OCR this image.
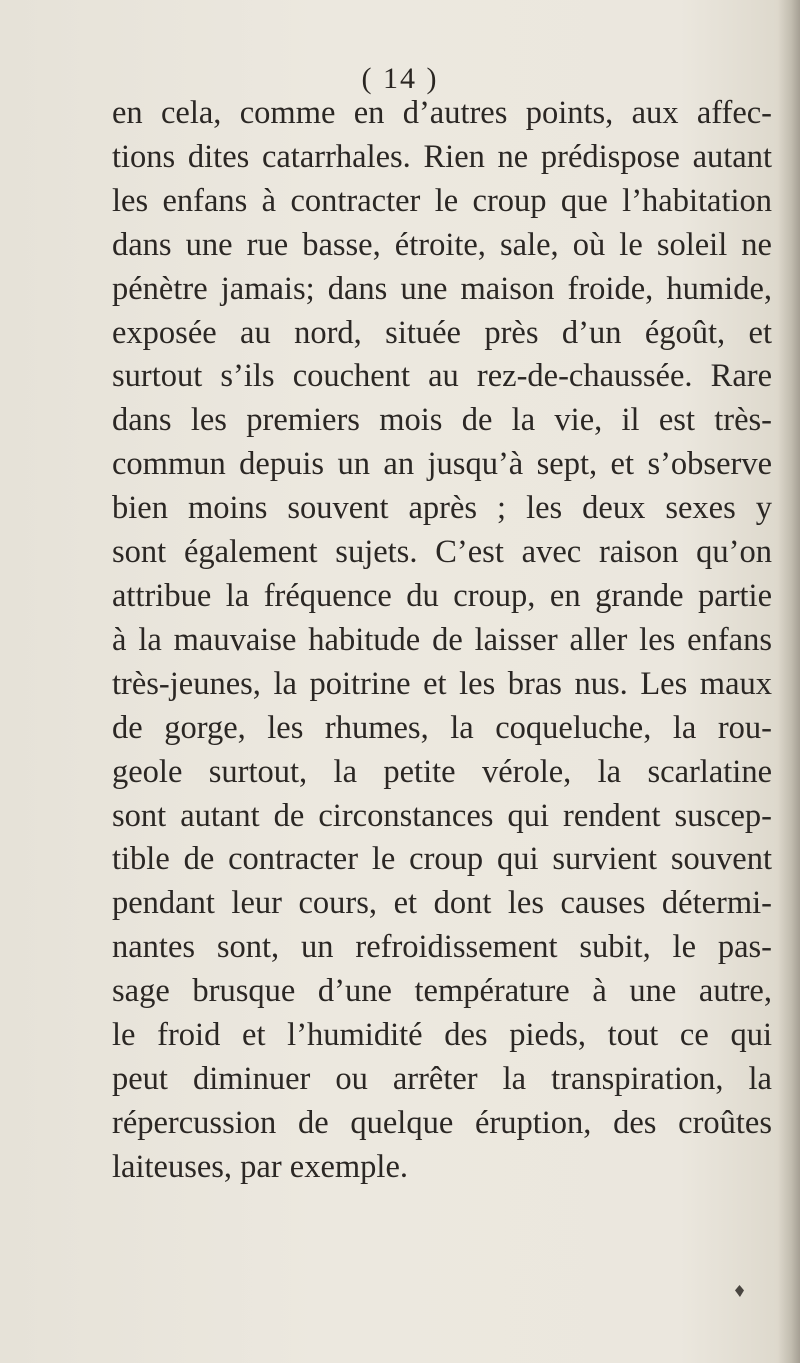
( 14 )
en cela, comme en d’autres points, aux affec-
tions dites catarrhales. Rien ne prédispose autant
les enfans à contracter le croup que l’habitation
dans une rue basse, étroite, sale, où le soleil ne
pénètre jamais; dans une maison froide, humide,
exposée au nord, située près d’un égoût, et
surtout s’ils couchent au rez-de-chaussée. Rare
dans les premiers mois de la vie, il est très-
commun depuis un an jusqu’à sept, et s’observe
bien moins souvent après ; les deux sexes y
sont également sujets. C’est avec raison qu’on
attribue la fréquence du croup, en grande partie
à la mauvaise habitude de laisser aller les enfans
très-jeunes, la poitrine et les bras nus. Les maux
de gorge, les rhumes, la coqueluche, la rou-
geole surtout, la petite vérole, la scarlatine
sont autant de circonstances qui rendent suscep-
tible de contracter le croup qui survient souvent
pendant leur cours, et dont les causes détermi-
nantes sont, un refroidissement subit, le pas-
sage brusque d’une température à une autre,
le froid et l’humidité des pieds, tout ce qui
peut diminuer ou arrêter la transpiration, la
répercussion de quelque éruption, des croûtes
laiteuses, par exemple.
